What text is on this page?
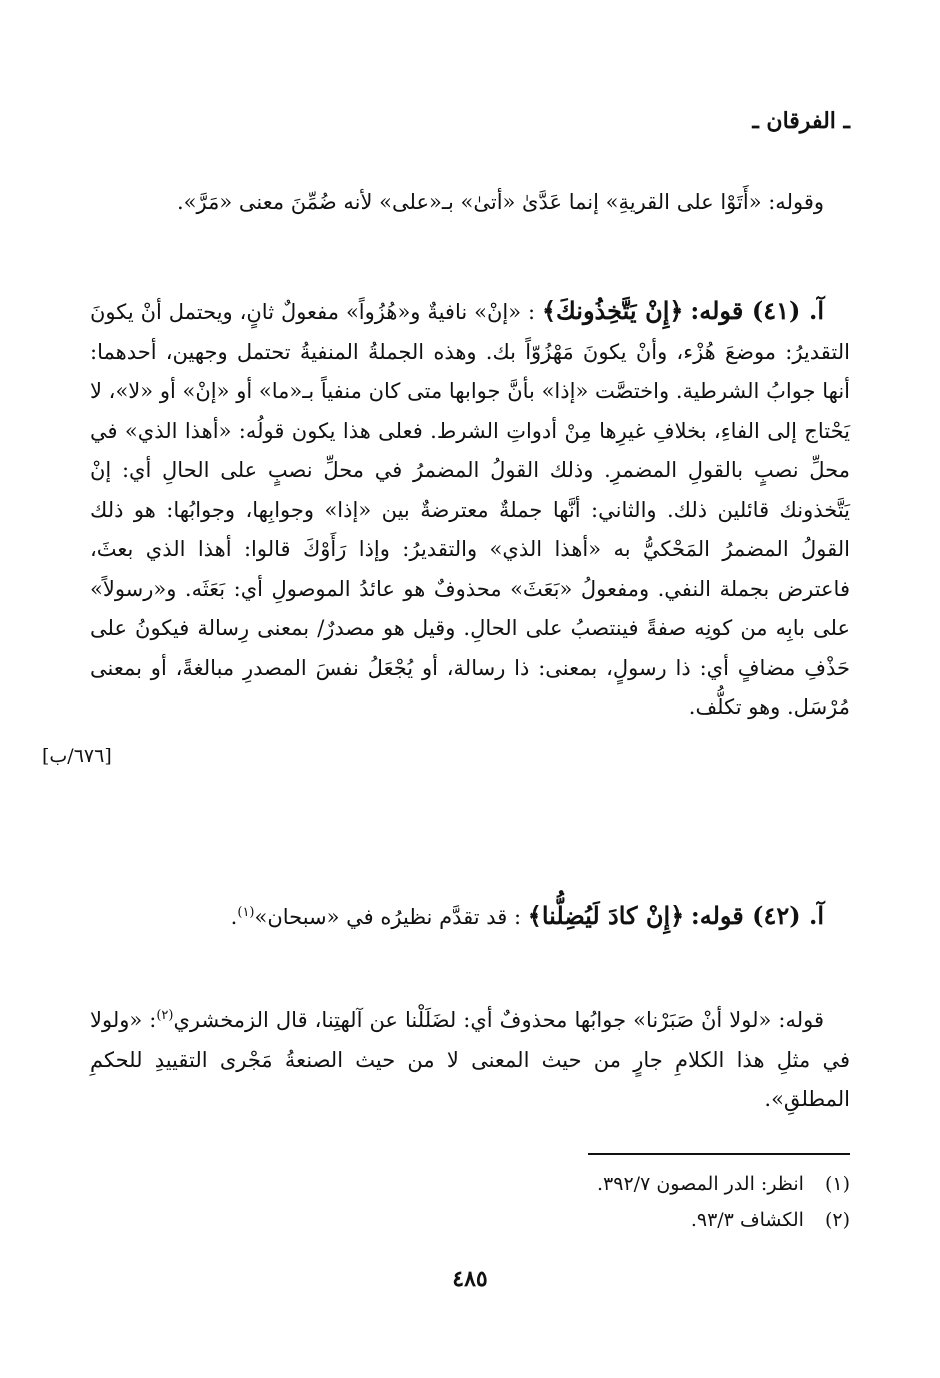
ـ الفرقان ـ

وقوله: «أَتَوْا على القريةِ» إنما عَدَّىٰ «أتىٰ» بـ«على» لأنه ضُمِّنَ معنى «مَرَّ».

آ. (٤١) قوله: ﴿إِنْ يَتَّخِذُونكَ﴾ : «إنْ» نافيةٌ و«هُزُواً» مفعولٌ ثانٍ، ويحتمل أنْ يكونَ التقديرُ: موضعَ هُزْء، وأنْ يكونَ مَهْزُوّاً بك. وهذه الجملةُ المنفيةُ تحتمل وجهين، أحدهما: أنها جوابُ الشرطية. واختصَّت «إذا» بأنَّ جوابها متى كان منفياً بـ«ما» أو «إنْ» أو «لا»، لا يَحْتاج إلى الفاءِ، بخلافِ غيرِها مِنْ أدواتِ الشرط. فعلى هذا يكون قولُه: «أهذا الذي» في محلِّ نصبٍ بالقولِ المضمرِ. وذلك القولُ المضمرُ في محلِّ نصبٍ على الحالِ أي: إنْ يَتَّخذونك قائلين ذلك. والثاني: أنَّها جملةٌ معترضةٌ بين «إذا» وجوابِها، وجوابُها: هو ذلك القولُ المضمرُ المَحْكيُّ به «أهذا الذي» والتقديرُ: وإذا رَأَوْكَ قالوا: أهذا الذي بعثَ، فاعترض بجملة النفي. ومفعولُ «بَعَثَ» محذوفٌ هو عائدُ الموصولِ أي: بَعَثَه. و«رسولاً» على بابِه من كونِه صفةً فينتصبُ على الحالِ. وقيل هو مصدرٌ/ بمعنى رِسالة فيكونُ على حَذْفِ مضافٍ أي: ذا رسولٍ، بمعنى: ذا رسالة، أو يُجْعَلُ نفسَ المصدرِ مبالغةً، أو بمعنى مُرْسَل. وهو تكلُّف.

[٦٧٦/ب]

آ. (٤٢) قوله: ﴿إِنْ كادَ لَيُضِلُّنا﴾ : قد تقدَّم نظيرُه في «سبحان»$^{(١)}$.

قوله: «لولا أنْ صَبَرْنا» جوابُها محذوفٌ أي: لضَلَلْنا عن آلهتِنا، قال الزمخشري$^{(٢)}$: «ولولا في مثلِ هذا الكلامِ جارٍ من حيث المعنى لا من حيث الصنعةُ مَجْرى التقييدِ للحكمِ المطلقِ».

(١) انظر: الدر المصون ٣٩٢/٧.
(٢) الكشاف ٩٣/٣.
٤٨٥
